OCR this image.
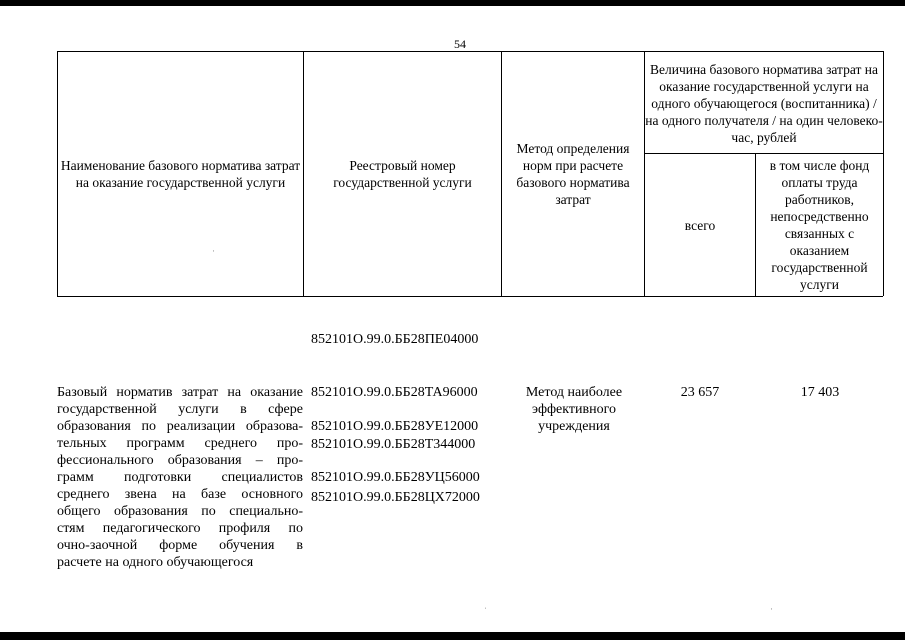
54
Наименование базового норматива затрат на оказание государственной услуги
Реестровый номер государственной услуги
Метод определения норм при расчете базового норматива затрат
Величина базового норматива затрат на оказание государственной услуги на одного обучающегося (воспитанника) / на одного получателя / на один человеко-час, рублей
всего
в том числе фонд оплаты труда работников, непосредственно связанных с оказанием государственной услуги

852101О.99.0.ББ28ПЕ04000

852101О.99.0.ББ28ТА96000

852101О.99.0.ББ28Т344000

852101О.99.0.ББ28ЦХ72000

Базовый норматив затрат на оказание
государственной услуги в сфере
образования по реализации образова-
тельных программ среднего про-
фессионального образования – про-
грамм подготовки специалистов
среднего звена на базе основного
общего образования по специально-
стям педагогического профиля по
очно-заочной форме обучения в
расчете на одного обучающегося

852101О.99.0.ББ28УЕ12000

852101О.99.0.ББ28УЦ56000

Метод наиболее эффективного учреждения
23 657	17 403
·
ˈ	·
